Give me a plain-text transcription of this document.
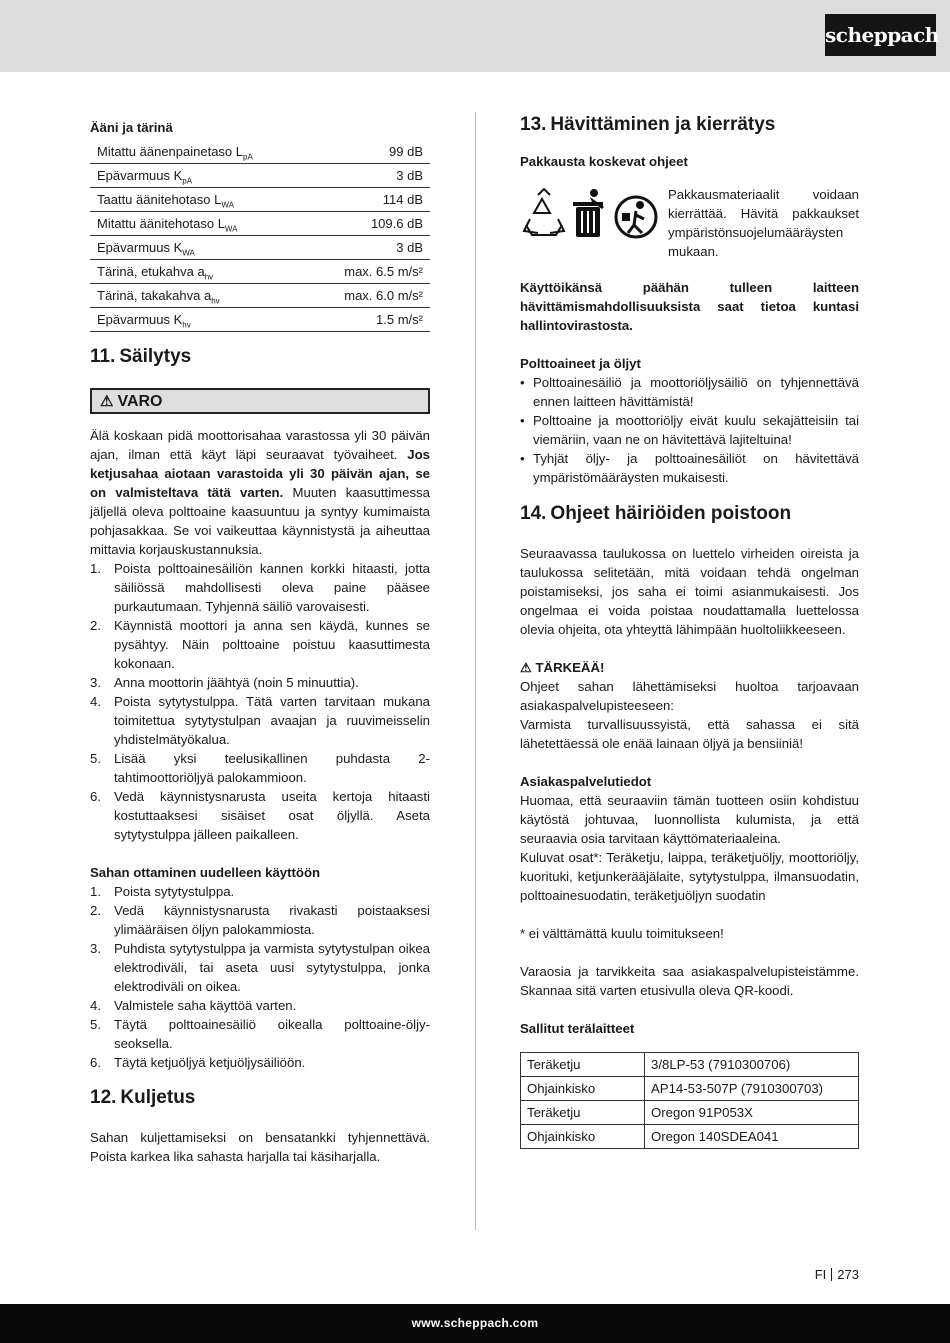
scheppach
Ääni ja tärinä
Mitattu äänenpainetaso $L_{pA}$	99 dB
Epävarmuus $K_{pA}$	3 dB
Taattu äänitehotaso $L_{WA}$	114 dB
Mitattu äänitehotaso $L_{WA}$	109.6 dB
Epävarmuus $K_{WA}$	3 dB
Tärinä, etukahva $a_{hv}$	max. 6.5 m/s²
Tärinä, takakahva $a_{hv}$	max. 6.0 m/s²
Epävarmuus $K_{hv}$	1.5 m/s²
11. Säilytys
⚠ VARO

Älä koskaan pidä moottorisahaa varastossa yli 30 päivän ajan, ilman että käyt läpi seuraavat työvaiheet. Jos ketjusahaa aiotaan varastoida yli 30 päivän ajan, se on valmisteltava tätä varten. Muuten kaasuttimessa jäljellä oleva polttoaine kaasuuntuu ja syntyy kumimaista pohjasakkaa. Se voi vaikeuttaa käynnistystä ja aiheuttaa mittavia korjauskustannuksia.

1. Poista polttoainesäiliön kannen korkki hitaasti, jotta säiliössä mahdollisesti oleva paine pääsee purkautumaan. Tyhjennä säiliö varovaisesti.
2. Käynnistä moottori ja anna sen käydä, kunnes se pysähtyy. Näin polttoaine poistuu kaasuttimesta kokonaan.
3. Anna moottorin jäähtyä (noin 5 minuuttia).
4. Poista sytytystulppa. Tätä varten tarvitaan mukana toimitettua sytytystulpan avaajan ja ruuvimeisselin yhdistelmätyökalua.
5. Lisää yksi teelusikallinen puhdasta 2-tahtimoottoriöljyä palokammioon.
6. Vedä käynnistysnarusta useita kertoja hitaasti kostuttaaksesi sisäiset osat öljyllä. Aseta sytytystulppa jälleen paikalleen.
Sahan ottaminen uudelleen käyttöön
1. Poista sytytystulppa.
2. Vedä käynnistysnarusta rivakasti poistaaksesi ylimääräisen öljyn palokammiosta.
3. Puhdista sytytystulppa ja varmista sytytystulpan oikea elektrodiväli, tai aseta uusi sytytystulppa, jonka elektrodiväli on oikea.
4. Valmistele saha käyttöä varten.
5. Täytä polttoainesäiliö oikealla polttoaine-öljy-seoksella.
6. Täytä ketjuöljyä ketjuöljysäiliöön.
12. Kuljetus

Sahan kuljettamiseksi on bensatankki tyhjennettävä. Poista karkea lika sahasta harjalla tai käsiharjalla.

13. Hävittäminen ja kierrätys
Pakkausta koskevat ohjeet
Pakkausmateriaalit voidaan kierrättää. Hävitä pakkaukset ympäristönsuojelumääräysten mukaan.

Käyttöikänsä päähän tulleen laitteen hävittämismahdollisuuksista saat tietoa kuntasi hallintovirastosta.

Polttoaineet ja öljyt
• Polttoainesäiliö ja moottoriöljysäiliö on tyhjennettävä ennen laitteen hävittämistä!
• Polttoaine ja moottoriöljy eivät kuulu sekajätteisiin tai viemäriin, vaan ne on hävitettävä lajiteltuina!
• Tyhjät öljy- ja polttoainesäiliöt on hävitettävä ympäristömääräysten mukaisesti.
14. Ohjeet häiriöiden poistoon

Seuraavassa taulukossa on luettelo virheiden oireista ja taulukossa selitetään, mitä voidaan tehdä ongelman poistamiseksi, jos saha ei toimi asianmukaisesti. Jos ongelmaa ei voida poistaa noudattamalla luettelossa olevia ohjeita, ota yhteyttä lähimpään huoltoliikkeeseen.

⚠ TÄRKEÄÄ!

Ohjeet sahan lähettämiseksi huoltoa tarjoavaan asiakaspalvelupisteeseen:

Varmista turvallisuussyistä, että sahassa ei sitä lähetettäessä ole enää lainaan öljyä ja bensiiniä!

Asiakaspalvelutiedot

Huomaa, että seuraaviin tämän tuotteen osiin kohdistuu käytöstä johtuvaa, luonnollista kulumista, ja että seuraavia osia tarvitaan käyttömateriaaleina.

Kuluvat osat*: Teräketju, laippa, teräketjuöljy, moottoriöljy, kuorituki, ketjunkerääjälaite, sytytystulppa, ilmansuodatin, polttoainesuodatin, teräketjuöljyn suodatin

* ei välttämättä kuulu toimitukseen!

Varaosia ja tarvikkeita saa asiakaspalvelupisteistämme. Skannaa sitä varten etusivulla oleva QR-koodi.

Sallitut terälaitteet
Teräketju	3/8LP-53 (7910300706)
Ohjainkisko	AP14-53-507P (7910300703)
Teräketju	Oregon 91P053X
Ohjainkisko	Oregon 140SDEA041
FI 273
www.scheppach.com
